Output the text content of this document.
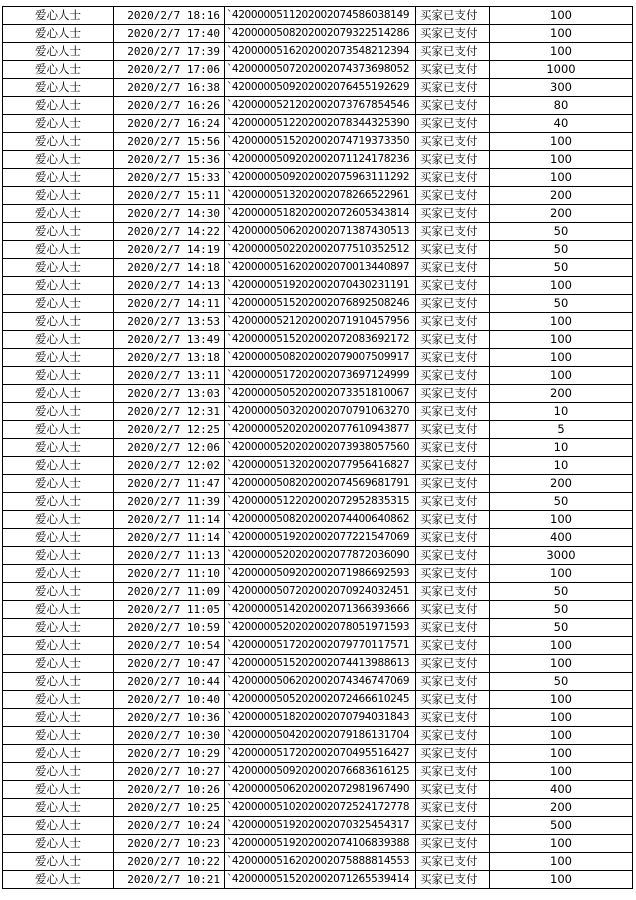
爱心人士	2020/2/7 18:16	`4200000511202002074586038149	买家已支付	100
爱心人士	2020/2/7 17:40	`4200000508202002079322514286	买家已支付	100
爱心人士	2020/2/7 17:39	`4200000516202002073548212394	买家已支付	100
爱心人士	2020/2/7 17:06	`4200000507202002074373698052	买家已支付	1000
爱心人士	2020/2/7 16:38	`4200000509202002076455192629	买家已支付	300
爱心人士	2020/2/7 16:26	`4200000521202002073767854546	买家已支付	80
爱心人士	2020/2/7 16:24	`4200000512202002078344325390	买家已支付	40
爱心人士	2020/2/7 15:56	`4200000515202002074719373350	买家已支付	100
爱心人士	2020/2/7 15:36	`4200000509202002071124178236	买家已支付	100
爱心人士	2020/2/7 15:33	`4200000509202002075963111292	买家已支付	100
爱心人士	2020/2/7 15:11	`4200000513202002078266522961	买家已支付	200
爱心人士	2020/2/7 14:30	`4200000518202002072605343814	买家已支付	200
爱心人士	2020/2/7 14:22	`4200000506202002071387430513	买家已支付	50
爱心人士	2020/2/7 14:19	`4200000502202002077510352512	买家已支付	50
爱心人士	2020/2/7 14:18	`4200000516202002070013440897	买家已支付	50
爱心人士	2020/2/7 14:13	`4200000519202002070430231191	买家已支付	100
爱心人士	2020/2/7 14:11	`4200000515202002076892508246	买家已支付	50
爱心人士	2020/2/7 13:53	`4200000521202002071910457956	买家已支付	100
爱心人士	2020/2/7 13:49	`4200000515202002072083692172	买家已支付	100
爱心人士	2020/2/7 13:18	`4200000508202002079007509917	买家已支付	100
爱心人士	2020/2/7 13:11	`4200000517202002073697124999	买家已支付	100
爱心人士	2020/2/7 13:03	`4200000505202002073351810067	买家已支付	200
爱心人士	2020/2/7 12:31	`4200000503202002070791063270	买家已支付	10
爱心人士	2020/2/7 12:25	`4200000520202002077610943877	买家已支付	5
爱心人士	2020/2/7 12:06	`4200000520202002073938057560	买家已支付	10
爱心人士	2020/2/7 12:02	`4200000513202002077956416827	买家已支付	10
爱心人士	2020/2/7 11:47	`4200000508202002074569681791	买家已支付	200
爱心人士	2020/2/7 11:39	`4200000512202002072952835315	买家已支付	50
爱心人士	2020/2/7 11:14	`4200000508202002074400640862	买家已支付	100
爱心人士	2020/2/7 11:14	`4200000519202002077221547069	买家已支付	400
爱心人士	2020/2/7 11:13	`4200000520202002077872036090	买家已支付	3000
爱心人士	2020/2/7 11:10	`4200000509202002071986692593	买家已支付	100
爱心人士	2020/2/7 11:09	`4200000507202002070924032451	买家已支付	50
爱心人士	2020/2/7 11:05	`4200000514202002071366393666	买家已支付	50
爱心人士	2020/2/7 10:59	`4200000520202002078051971593	买家已支付	50
爱心人士	2020/2/7 10:54	`4200000517202002079770117571	买家已支付	100
爱心人士	2020/2/7 10:47	`4200000515202002074413988613	买家已支付	100
爱心人士	2020/2/7 10:44	`4200000506202002074346747069	买家已支付	50
爱心人士	2020/2/7 10:40	`4200000505202002072466610245	买家已支付	100
爱心人士	2020/2/7 10:36	`4200000518202002070794031843	买家已支付	100
爱心人士	2020/2/7 10:30	`4200000504202002079186131704	买家已支付	100
爱心人士	2020/2/7 10:29	`4200000517202002070495516427	买家已支付	100
爱心人士	2020/2/7 10:27	`4200000509202002076683616125	买家已支付	100
爱心人士	2020/2/7 10:26	`4200000506202002072981967490	买家已支付	400
爱心人士	2020/2/7 10:25	`4200000510202002072524172778	买家已支付	200
爱心人士	2020/2/7 10:24	`4200000519202002070325454317	买家已支付	500
爱心人士	2020/2/7 10:23	`4200000519202002074106839388	买家已支付	100
爱心人士	2020/2/7 10:22	`4200000516202002075888814553	买家已支付	100
爱心人士	2020/2/7 10:21	`4200000515202002071265539414	买家已支付	100
